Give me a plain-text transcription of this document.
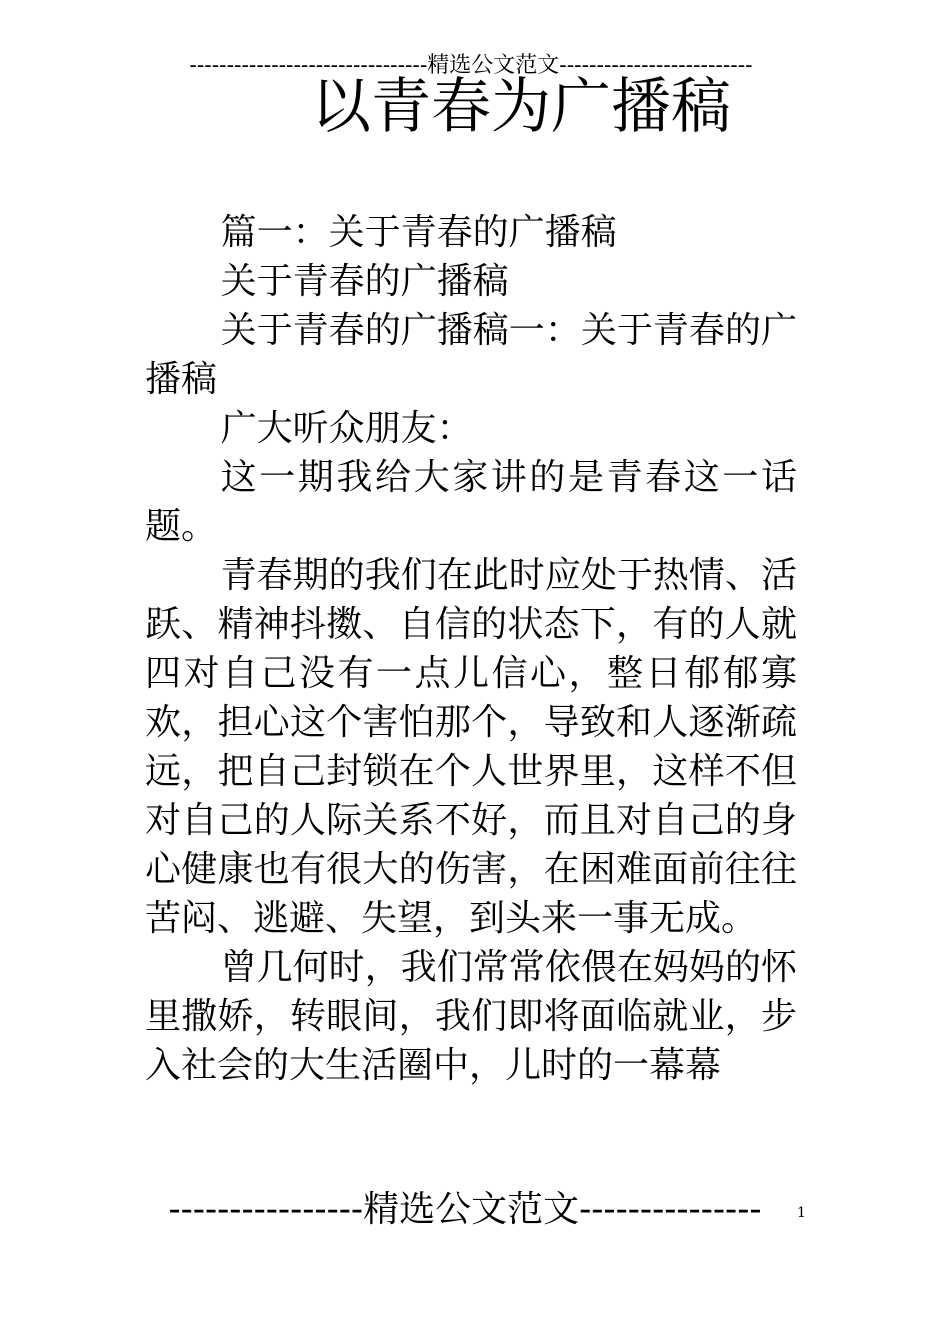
--------------------------------精选公文范文--------------------------
以青春为广播稿

篇一：关于青春的广播稿

关于青春的广播稿

关于青春的广播稿一：关于青春的广播稿

广大听众朋友：

这一期我给大家讲的是青春这一话题。

青春期的我们在此时应处于热情、活跃、精神抖擞、自信的状态下，有的人就四对自己没有一点儿信心，整日郁郁寡欢，担心这个害怕那个，导致和人逐渐疏远，把自己封锁在个人世界里，这样不但对自己的人际关系不好，而且对自己的身心健康也有很大的伤害，在困难面前往往苦闷、逃避、失望，到头来一事无成。

曾几何时，我们常常依偎在妈妈的怀里撒娇，转眼间，我们即将面临就业，步入社会的大生活圈中，儿时的一幕幕

----------------精选公文范文---------------	1
